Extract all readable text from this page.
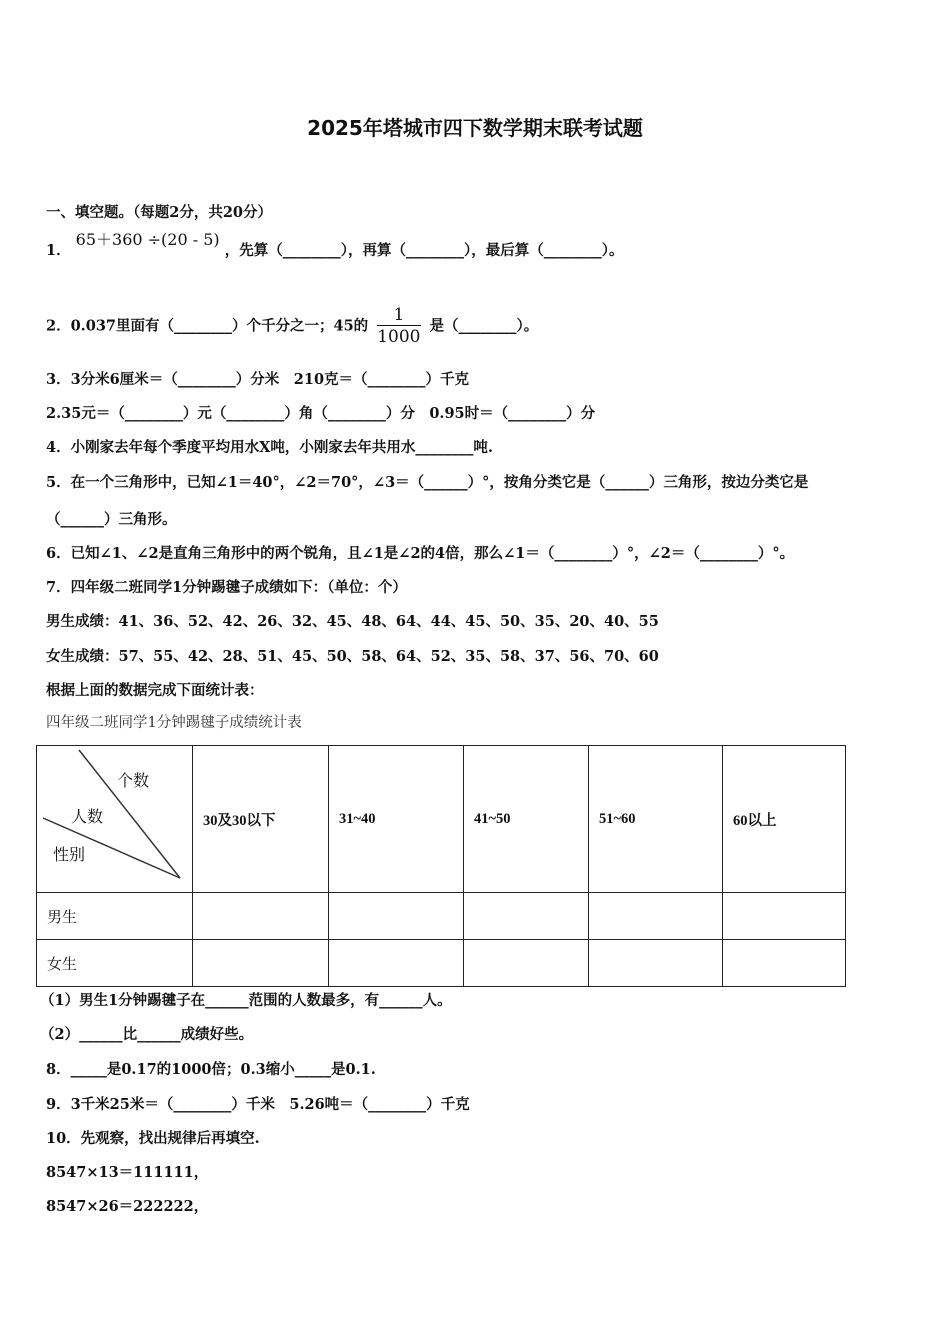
2025年塔城市四下数学期末联考试题
一、填空题。（每题2分，共20分）
1． 65＋360 ÷(20 - 5) ，先算（________），再算（________），最后算（________）。
2．0.037里面有（________）个千分之一；45的 $\frac{1}{1000}$ 是（________）。
3．3分米6厘米＝（________）分米　210克＝（________）千克
2.35元＝（________）元（________）角（________）分　0.95时＝（________）分
4．小刚家去年每个季度平均用水X吨，小刚家去年共用水________吨.
5．在一个三角形中，已知∠1＝40°，∠2＝70°，∠3＝（______）°，按角分类它是（______）三角形，按边分类它是
（______）三角形。
6．已知∠1、∠2是直角三角形中的两个锐角，且∠1是∠2的4倍，那么∠1＝（________）°，∠2＝（________）°。
7．四年级二班同学1分钟踢毽子成绩如下：（单位：个）
男生成绩：41、36、52、42、26、32、45、48、64、44、45、50、35、20、40、55
女生成绩：57、55、42、28、51、45、50、58、64、52、35、58、37、56、70、60
根据上面的数据完成下面统计表：
四年级二班同学1分钟踢毽子成绩统计表
个数
人数
性别	30及30以下	31~40	41~50	51~60	60以上
男生					
女生					
（1）男生1分钟踢毽子在______范围的人数最多，有______人。
（2）______比______成绩好些。
8．_____是0.17的1000倍；0.3缩小_____是0.1.
9．3千米25米＝（________）千米　5.26吨＝（________）千克
10．先观察，找出规律后再填空.
8547×13＝111111，
8547×26＝222222，
